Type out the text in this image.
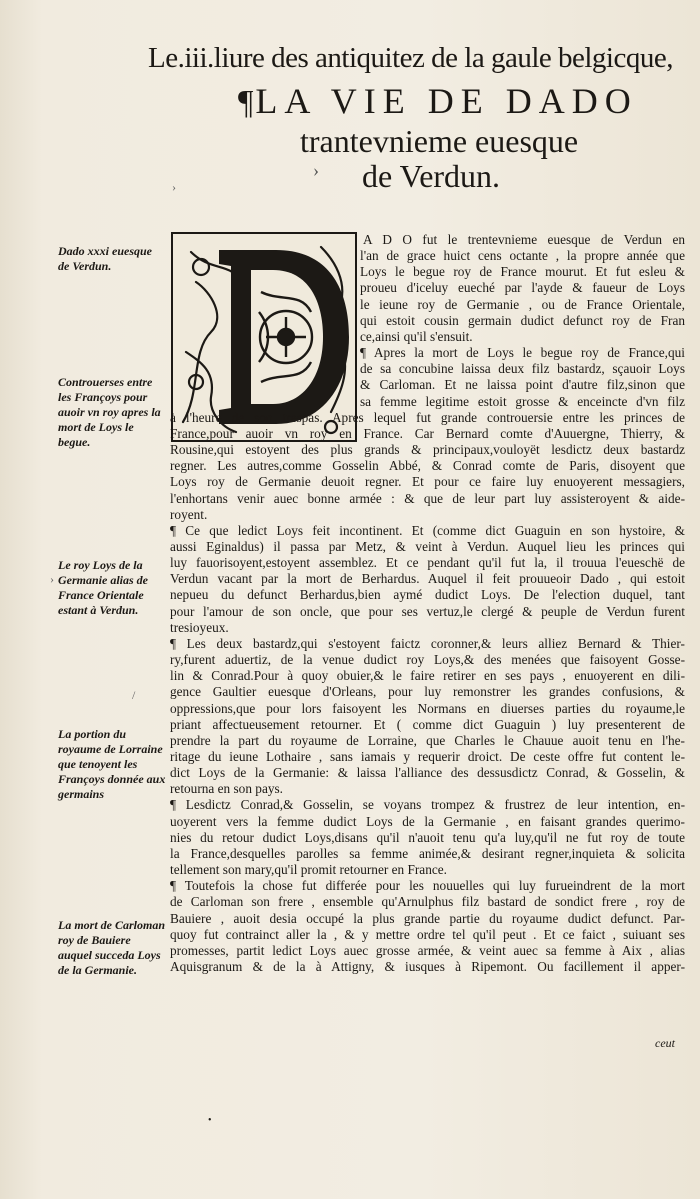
Le.iii.liure des antiquitez de la gaule belgicque,
¶LA VIE DE DADO
trantevnieme euesque
de Verdun.
›
A D O fut le trentevnieme euesque de Verdun en
l'an de grace huict cens octante , la propre année que
Loys le begue roy de France mourut. Et fut esleu &
proueu d'iceluy eueché par l'ayde & faueur de Loys
le ieune roy de Germanie , ou de France Orientale,
qui estoit cousin germain dudict defunct roy de Fran
ce,ainsi qu'il s'ensuit.
¶ Apres la mort de Loys le begue roy de France,qui
de sa concubine laissa deux filz bastardz, sçauoir Loys
& Carloman. Et ne laissa point d'autre filz,sinon que
sa femme legitime estoit grosse & enceincte d'vn filz
à l'heure de son trespas. Apres lequel fut grande controuersie entre les princes de
France,pour auoir vn roy en France. Car Bernard comte d'Auuergne, Thierry, &
Rousine,qui estoyent des plus grands & principaux,vouloyët lesdictz deux bastardz
regner. Les autres,comme Gosselin Abbé, & Conrad comte de Paris, disoyent que
Loys roy de Germanie deuoit regner. Et pour ce faire luy enuoyerent messagiers,
l'enhortans venir auec bonne armée : & que de leur part luy assisteroyent & aide-
royent.
¶ Ce que ledict Loys feit incontinent. Et (comme dict Guaguin en son hystoire, &
aussi Eginaldus) il passa par Metz, & veint à Verdun. Auquel lieu les princes qui
luy fauorisoyent,estoyent assemblez. Et ce pendant qu'il fut la, il trouua l'eueschë de
Verdun vacant par la mort de Berhardus. Auquel il feit prouueoir Dado , qui estoit
nepueu du defunct Berhardus,bien aymé dudict Loys. De l'election duquel, tant
pour l'amour de son oncle, que pour ses vertuz,le clergé & peuple de Verdun furent
tresioyeux.
¶ Les deux bastardz,qui s'estoyent faictz coronner,& leurs alliez Bernard & Thier-
ry,furent aduertiz, de la venue dudict roy Loys,& des menées que faisoyent Gosse-
lin & Conrad.Pour à quoy obuier,& le faire retirer en ses pays , enuoyerent en dili-
gence Gaultier euesque d'Orleans, pour luy remonstrer les grandes confusions, &
oppressions,que pour lors faisoyent les Normans en diuerses parties du royaume,le
priant affectueusement retourner. Et ( comme dict Guaguin ) luy presenterent de
prendre la part du royaume de Lorraine, que Charles le Chauue auoit tenu en l'he-
ritage du ieune Lothaire , sans iamais y requerir droict. De ceste offre fut content le-
dict Loys de la Germanie: & laissa l'alliance des dessusdictz Conrad, & Gosselin, &
retourna en son pays.
¶ Lesdictz Conrad,& Gosselin, se voyans trompez & frustrez de leur intention, en-
uoyerent vers la femme dudict Loys de la Germanie , en faisant grandes querimo-
nies du retour dudict Loys,disans qu'il n'auoit tenu qu'a luy,qu'il ne fut roy de toute
la France,desquelles parolles sa femme animée,& desirant regner,inquieta & solicita
tellement son mary,qu'il promit retourner en France.
¶ Toutefois la chose fut differée pour les nouuelles qui luy furueindrent de la mort
de Carloman son frere , ensemble qu'Arnulphus filz bastard de sondict frere , roy de
Bauiere , auoit desia occupé la plus grande partie du royaume dudict defunct. Par-
quoy fut contrainct aller la , & y mettre ordre tel qu'il peut . Et ce faict , suiuant ses
promesses, partit ledict Loys auec grosse armée, & veint auec sa femme à Aix , alias
Aquisgranum & de la à Attigny, & iusques à Ripemont. Ou facillement il apper-
Dado xxxi euesque de Verdun.
Controuerses entre les Françoys pour auoir vn roy apres la mort de Loys le begue.
Le roy Loys de la Germanie alias de France Orientale estant à Verdun.
La portion du royaume de Lorraine que tenoyent les Françoys donnée aux germains
La mort de Carloman roy de Bauiere auquel succeda Loys de la Germanie.
›
›
/
ceut
•
